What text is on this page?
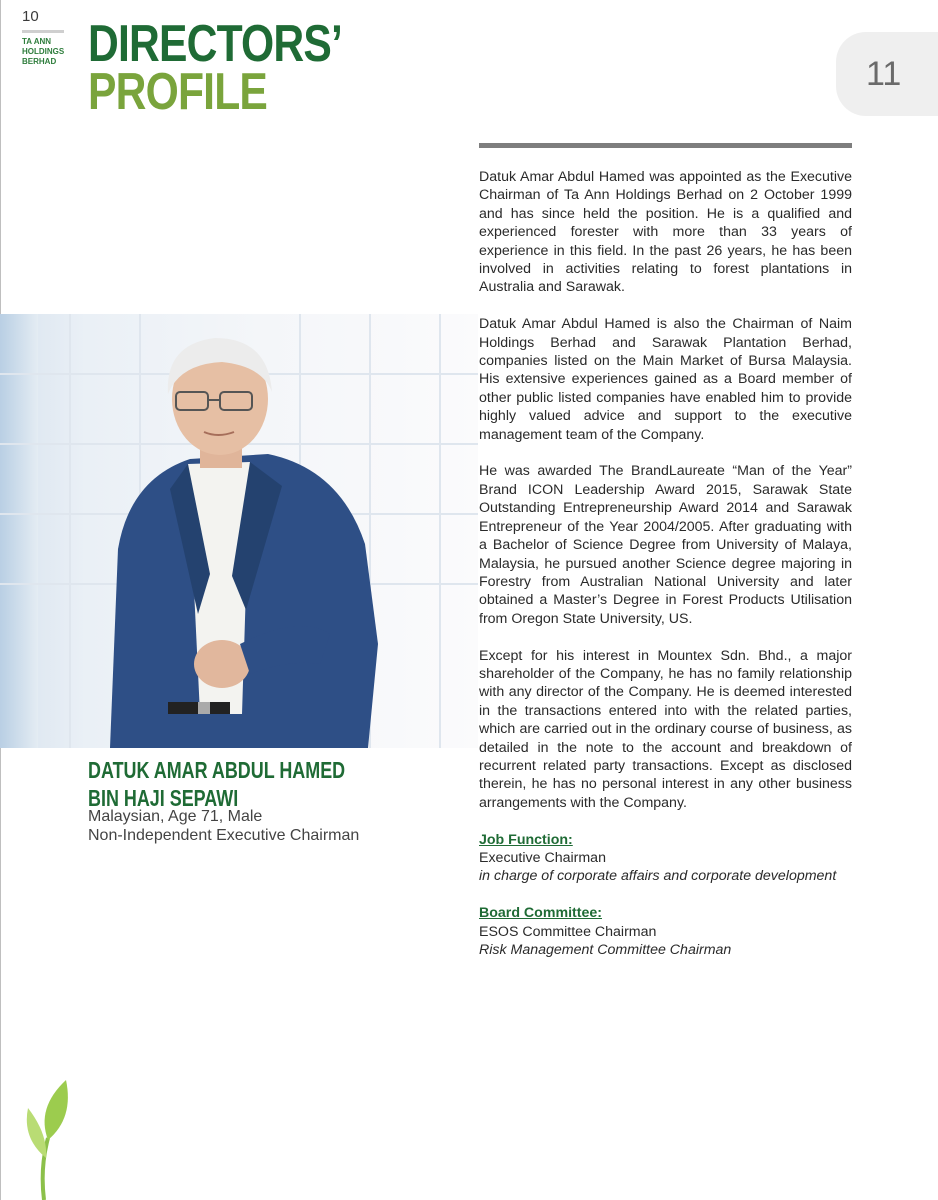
10
TA ANN
HOLDINGS
BERHAD DIRECTORS’
PROFILE	11
DATUK AMAR ABDUL HAMED
BIN HAJI SEPAWI
Malaysian, Age 71, Male
Non-Independent Executive Chairman

Datuk Amar Abdul Hamed was appointed as the Executive Chairman of Ta Ann Holdings Berhad on 2 October 1999 and has since held the position. He is a qualified and experienced forester with more than 33 years of experience in this field. In the past 26 years, he has been involved in activities relating to forest plantations in Australia and Sarawak.

Datuk Amar Abdul Hamed is also the Chairman of Naim Holdings Berhad and Sarawak Plantation Berhad, companies listed on the Main Market of Bursa Malaysia. His extensive experiences gained as a Board member of other public listed companies have enabled him to provide highly valued advice and support to the executive management team of the Company.

He was awarded The BrandLaureate “Man of the Year” Brand ICON Leadership Award 2015, Sarawak State Outstanding Entrepreneurship Award 2014 and Sarawak Entrepreneur of the Year 2004/2005. After graduating with a Bachelor of Science Degree from University of Malaya, Malaysia, he pursued another Science degree majoring in Forestry from Australian National University and later obtained a Master’s Degree in Forest Products Utilisation from Oregon State University, US.

Except for his interest in Mountex Sdn. Bhd., a major shareholder of the Company, he has no family relationship with any director of the Company. He is deemed interested in the transactions entered into with the related parties, which are carried out in the ordinary course of business, as detailed in the note to the account and breakdown of recurrent related party transactions. Except as disclosed therein, he has no personal interest in any other business arrangements with the Company.

Job Function:
Executive Chairman
in charge of corporate affairs and corporate development
Board Committee:
ESOS Committee Chairman
Risk Management Committee Chairman
